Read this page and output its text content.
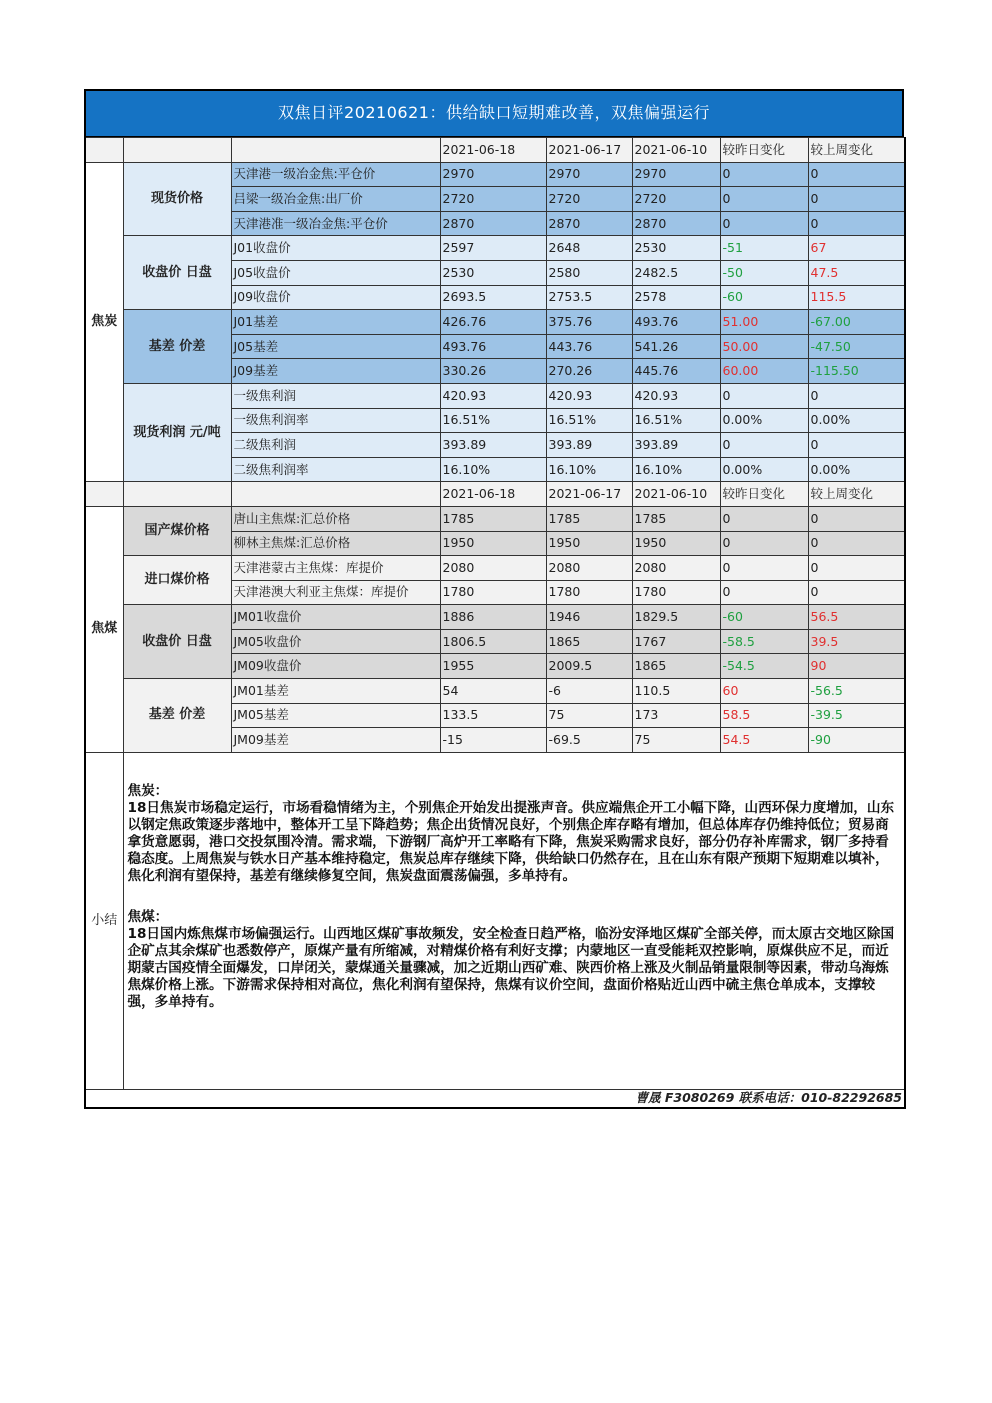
双焦日评20210621：供给缺口短期难改善，双焦偏强运行
			2021-06-18	2021-06-17	2021-06-10	较昨日变化	较上周变化
焦炭	现货价格	天津港一级冶金焦:平仓价	2970	2970	2970	0	0
		吕梁一级冶金焦:出厂价	2720	2720	2720	0	0
		天津港准一级冶金焦:平仓价	2870	2870	2870	0	0
	收盘价 日盘	J01收盘价	2597	2648	2530	-51	67
		J05收盘价	2530	2580	2482.5	-50	47.5
		J09收盘价	2693.5	2753.5	2578	-60	115.5
	基差 价差	J01基差	426.76	375.76	493.76	51.00	-67.00
		J05基差	493.76	443.76	541.26	50.00	-47.50
		J09基差	330.26	270.26	445.76	60.00	-115.50
	现货利润 元/吨	一级焦利润	420.93	420.93	420.93	0	0
		一级焦利润率	16.51%	16.51%	16.51%	0.00%	0.00%
		二级焦利润	393.89	393.89	393.89	0	0
		二级焦利润率	16.10%	16.10%	16.10%	0.00%	0.00%
			2021-06-18	2021-06-17	2021-06-10	较昨日变化	较上周变化
焦煤	国产煤价格	唐山主焦煤:汇总价格	1785	1785	1785	0	0
		柳林主焦煤:汇总价格	1950	1950	1950	0	0
	进口煤价格	天津港蒙古主焦煤：库提价	2080	2080	2080	0	0
		天津港澳大利亚主焦煤：库提价	1780	1780	1780	0	0
	收盘价 日盘	JM01收盘价	1886	1946	1829.5	-60	56.5
		JM05收盘价	1806.5	1865	1767	-58.5	39.5
		JM09收盘价	1955	2009.5	1865	-54.5	90
	基差 价差	JM01基差	54	-6	110.5	60	-56.5
		JM05基差	133.5	75	173	58.5	-39.5
		JM09基差	-15	-69.5	75	54.5	-90
小结	焦炭：
18日焦炭市场稳定运行，市场看稳情绪为主，个别焦企开始发出提涨声音。供应端焦企开工小幅下降，山西环保力度增加，山东以钢定焦政策逐步落地中，整体开工呈下降趋势；焦企出货情况良好，个别焦企库存略有增加，但总体库存仍维持低位；贸易商拿货意愿弱，港口交投氛围冷清。需求端，下游钢厂高炉开工率略有下降，焦炭采购需求良好，部分仍存补库需求，钢厂多持看稳态度。上周焦炭与铁水日产基本维持稳定，焦炭总库存继续下降，供给缺口仍然存在，且在山东有限产预期下短期难以填补，焦化利润有望保持，基差有继续修复空间，焦炭盘面震荡偏强，多单持有。

焦煤：
18日国内炼焦煤市场偏强运行。山西地区煤矿事故频发，安全检查日趋严格，临汾安泽地区煤矿全部关停，而太原古交地区除国企矿点其余煤矿也悉数停产，原煤产量有所缩减，对精煤价格有利好支撑；内蒙地区一直受能耗双控影响，原煤供应不足，而近期蒙古国疫情全面爆发，口岸闭关，蒙煤通关量骤减，加之近期山西矿难、陕西价格上涨及火制品销量限制等因素，带动乌海炼焦煤价格上涨。下游需求保持相对高位，焦化利润有望保持，焦煤有议价空间，盘面价格贴近山西中硫主焦仓单成本，支撑较强，多单持有。						

曹晟 F3080269 联系电话：010-82292685							
